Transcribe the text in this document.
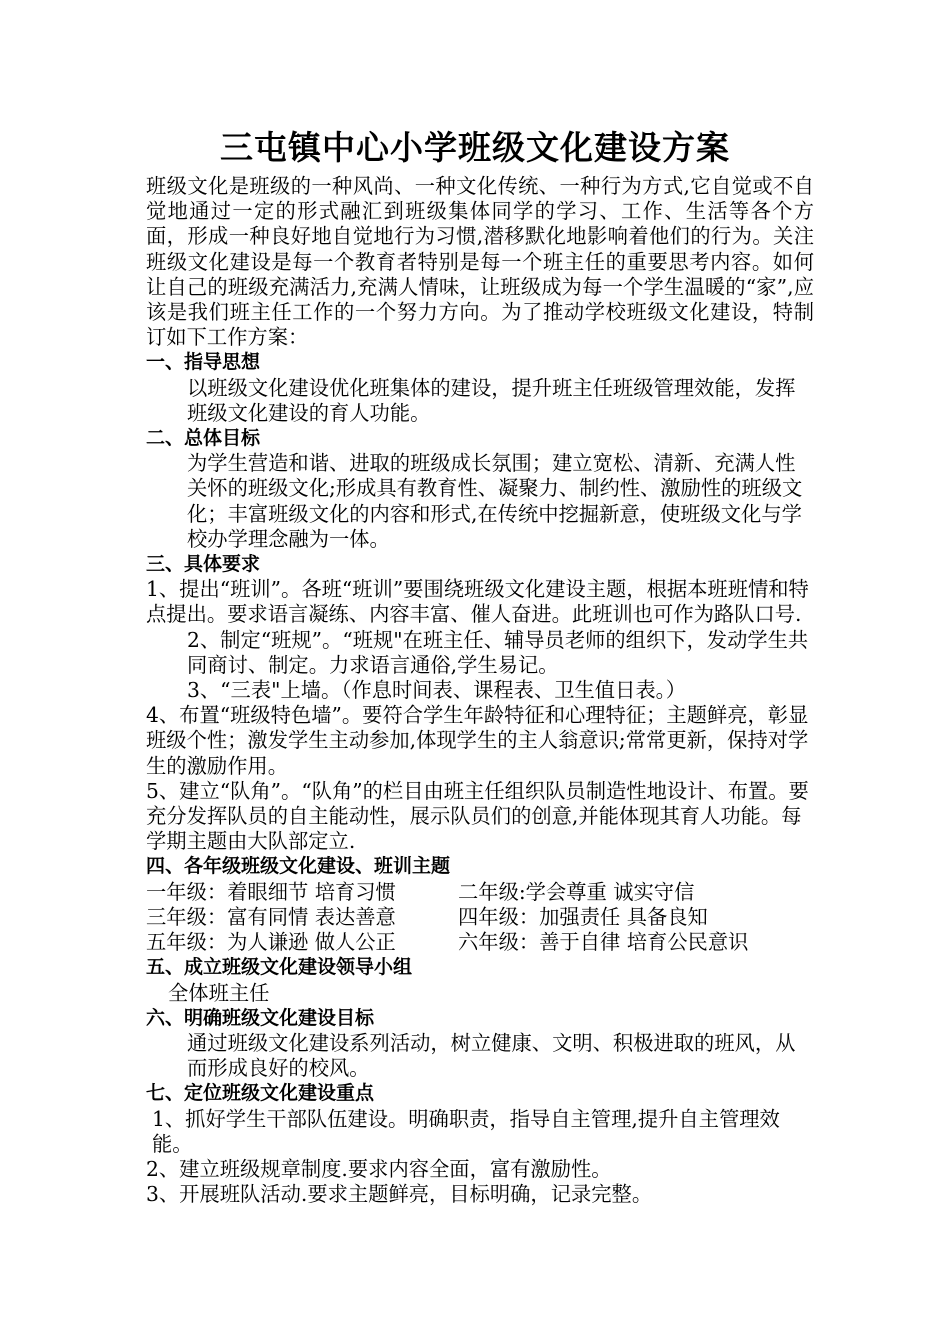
三屯镇中心小学班级文化建设方案

班级文化是班级的一种风尚、一种文化传统、一种行为方式,它自觉或不自觉地通过一定的形式融汇到班级集体同学的学习、工作、生活等各个方面，形成一种良好地自觉地行为习惯,潜移默化地影响着他们的行为。关注班级文化建设是每一个教育者特别是每一个班主任的重要思考内容。如何让自己的班级充满活力,充满人情味，让班级成为每一个学生温暖的“家”,应该是我们班主任工作的一个努力方向。为了推动学校班级文化建设，特制订如下工作方案：

一、指导思想

以班级文化建设优化班集体的建设，提升班主任班级管理效能，发挥班级文化建设的育人功能。

二、总体目标

为学生营造和谐、进取的班级成长氛围；建立宽松、清新、充满人性关怀的班级文化;形成具有教育性、凝聚力、制约性、激励性的班级文化；丰富班级文化的内容和形式,在传统中挖掘新意，使班级文化与学校办学理念融为一体。

三、具体要求

1、提出“班训”。各班“班训”要围绕班级文化建设主题，根据本班班情和特点提出。要求语言凝练、内容丰富、催人奋进。此班训也可作为路队口号.

2、制定“班规”。“班规"在班主任、辅导员老师的组织下，发动学生共同商讨、制定。力求语言通俗,学生易记。

3、“三表"上墙。（作息时间表、课程表、卫生值日表。）

4、布置“班级特色墙”。要符合学生年龄特征和心理特征；主题鲜亮，彰显班级个性；激发学生主动参加,体现学生的主人翁意识;常常更新，保持对学生的激励作用。

5、建立“队角”。“队角”的栏目由班主任组织队员制造性地设计、布置。要充分发挥队员的自主能动性，展示队员们的创意,并能体现其育人功能。每学期主题由大队部定立.

四、各年级班级文化建设、班训主题

一年级：着眼细节 培育习惯	二年级:学会尊重 诚实守信
三年级：富有同情 表达善意	四年级：加强责任 具备良知
五年级：为人谦逊 做人公正	六年级：善于自律 培育公民意识

五、成立班级文化建设领导小组

全体班主任

六、明确班级文化建设目标

通过班级文化建设系列活动，树立健康、文明、积极进取的班风，从而形成良好的校风。

七、定位班级文化建设重点

1、抓好学生干部队伍建设。明确职责，指导自主管理,提升自主管理效能。

2、建立班级规章制度.要求内容全面，富有激励性。

3、开展班队活动.要求主题鲜亮，目标明确，记录完整。
